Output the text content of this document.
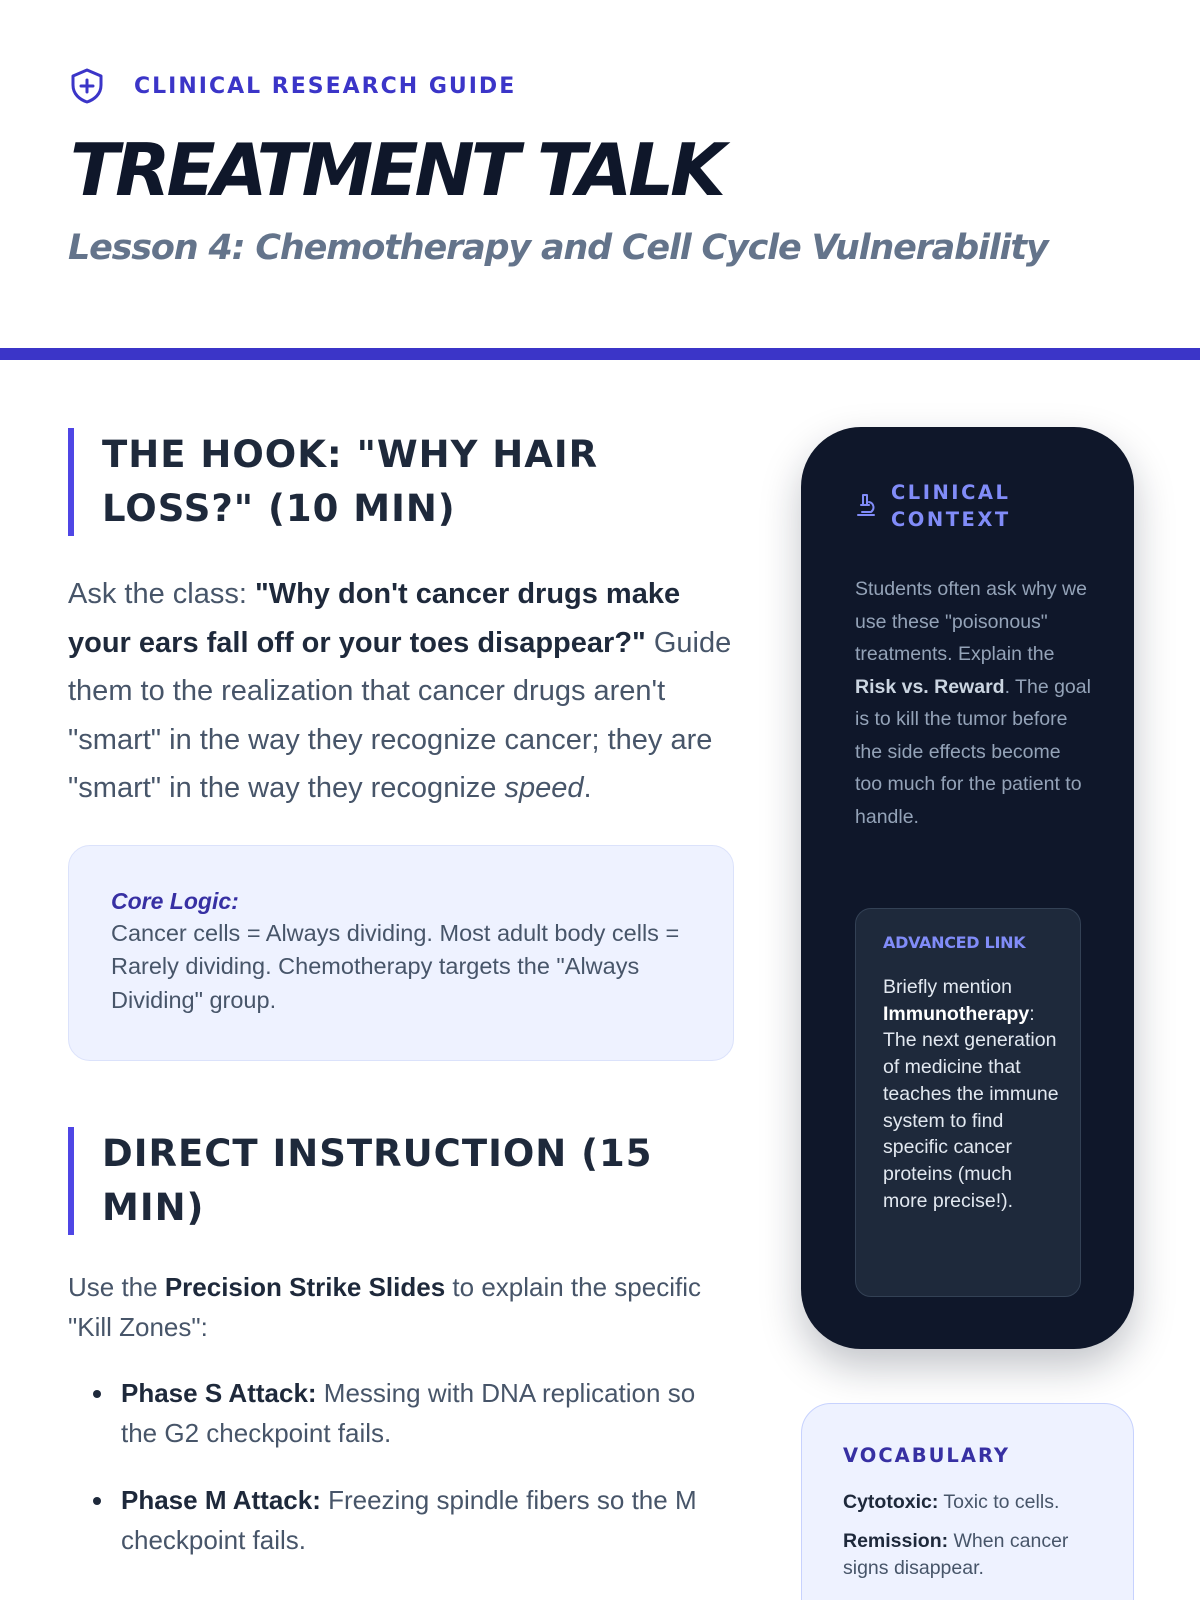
CLINICAL RESEARCH GUIDE
TREATMENT TALK
Lesson 4: Chemotherapy and Cell Cycle Vulnerability
THE HOOK: "WHY HAIR LOSS?" (10 MIN)

Ask the class: "Why don't cancer drugs make your ears fall off or your toes disappear?" Guide them to the realization that cancer drugs aren't "smart" in the way they recognize cancer; they are "smart" in the way they recognize speed.

Core Logic:
Cancer cells = Always dividing. Most adult body cells = Rarely dividing. Chemotherapy targets the "Always Dividing" group.
DIRECT INSTRUCTION (15 MIN)

Use the Precision Strike Slides to explain the specific "Kill Zones":

Phase S Attack: Messing with DNA replication so the G2 checkpoint fails.
Phase M Attack: Freezing spindle fibers so the M checkpoint fails.
CLINICAL CONTEXT

Students often ask why we use these "poisonous" treatments. Explain the Risk vs. Reward. The goal is to kill the tumor before the side effects become too much for the patient to handle.

ADVANCED LINK

Briefly mention Immunotherapy: The next generation of medicine that teaches the immune system to find specific cancer proteins (much more precise!).

VOCABULARY

Cytotoxic: Toxic to cells.

Remission: When cancer signs disappear.
